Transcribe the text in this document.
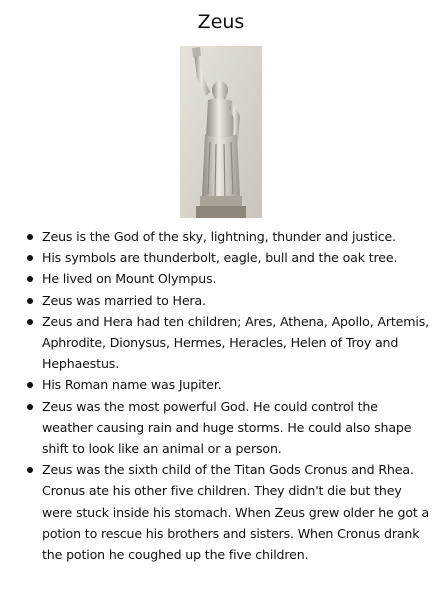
Zeus
Zeus is the God of the sky, lightning, thunder and justice.
His symbols are thunderbolt, eagle, bull and the oak tree.
He lived on Mount Olympus.
Zeus was married to Hera.
Zeus and Hera had ten children; Ares, Athena, Apollo, Artemis, Aphrodite, Dionysus, Hermes, Heracles, Helen of Troy and Hephaestus.
His Roman name was Jupiter.
Zeus was the most powerful God. He could control the weather causing rain and huge storms. He could also shape shift to look like an animal or a person.
Zeus was the sixth child of the Titan Gods Cronus and Rhea. Cronus ate his other five children. They didn't die but they were stuck inside his stomach. When Zeus grew older he got a potion to rescue his brothers and sisters. When Cronus drank the potion he coughed up the five children.
